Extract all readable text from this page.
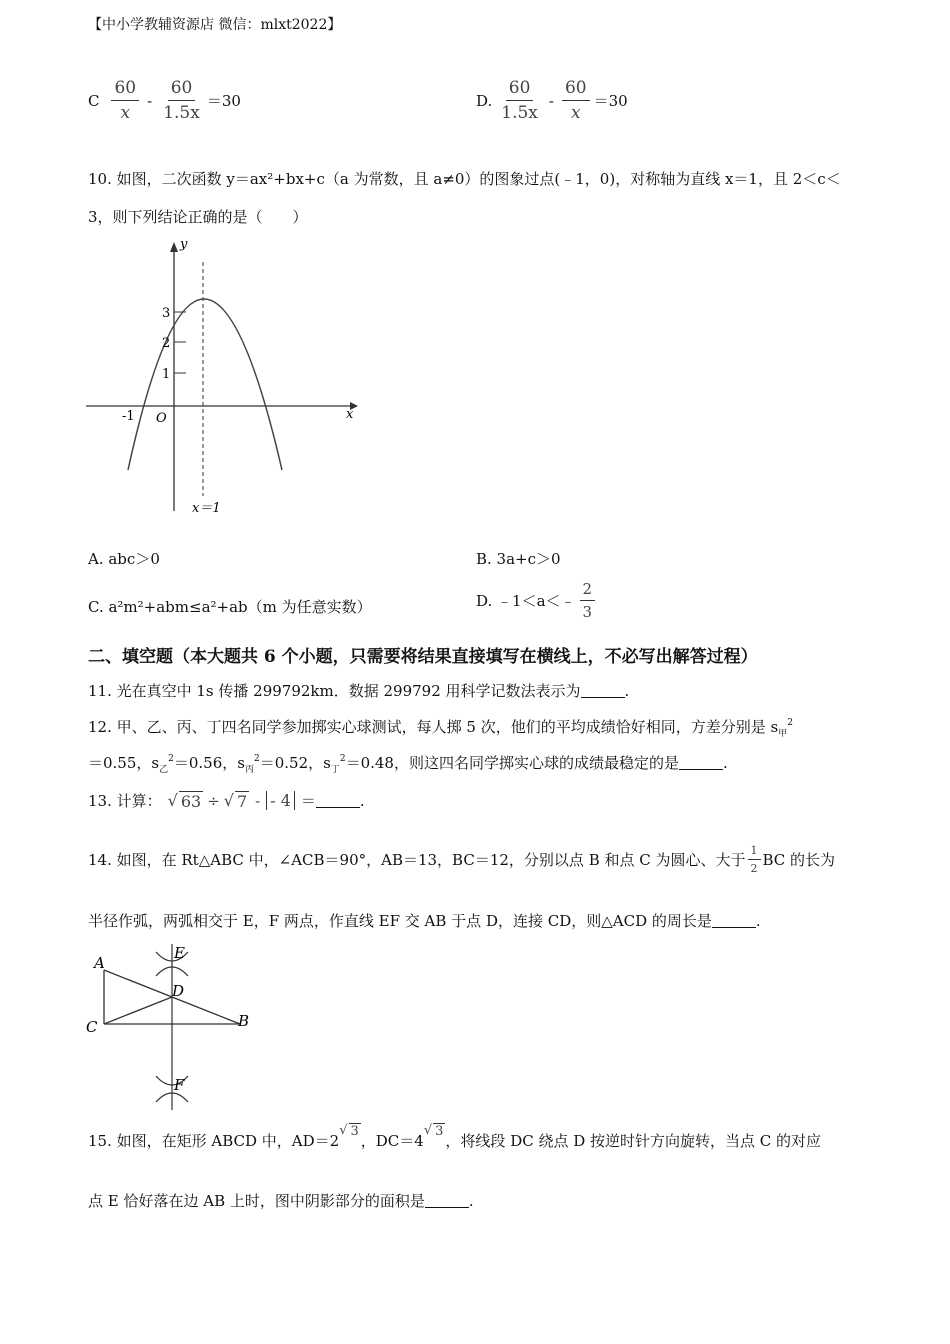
【中小学教辅资源店 微信：mlxt2022】
C $\frac{60}{x} - \frac{60}{1.5x} =30$	D. $\frac{60}{1.5x} - \frac{60}{x} =30$
10. 如图，二次函数 y＝ax²+bx+c（a 为常数，且 a≠0）的图象过点(﹣1，0)，对称轴为直线 x＝1，且 2＜c＜
3，则下列结论正确的是（　　）
y
x
O
-1
1
2
3
x＝1
A. abc＞0	B. 3a+c＞0
C. a²m²+abm≤a²+ab（m 为任意实数）	D. ﹣1＜a＜﹣ $\frac{2}{3}$
二、填空题（本大题共 6 个小题，只需要将结果直接填写在横线上，不必写出解答过程）
11. 光在真空中 1s 传播 299792km．数据 299792 用科学记数法表示为	.
12. 甲、乙、丙、丁四名同学参加掷实心球测试，每人掷 5 次，他们的平均成绩恰好相同，方差分别是 $s_甲^2$
＝0.55，$s_乙^2=0.56$，$s_丙^2=0.52$，$s_丁^2=0.48$，则这四名同学掷实心球的成绩最稳定的是	.
13. 计算： √ 63 ÷ √ 7 - - 4 ＝	.
14. 如图，在 Rt△ABC 中，∠ACB＝90°，AB＝13，BC＝12，分别以点 B 和点 C 为圆心、大于 $\frac{1}{2}$ BC 的长为
半径作弧，两弧相交于 E，F 两点，作直线 EF 交 AB 于点 D，连接 CD，则△ACD 的周长是	.
A
E
D
C	B
F
15. 如图，在矩形 ABCD 中，AD＝2
√ 3
，DC＝4
√ 3
，将线段 DC 绕点 D 按逆时针方向旋转，当点 C 的对应
点 E 恰好落在边 AB 上时，图中阴影部分的面积是	.
